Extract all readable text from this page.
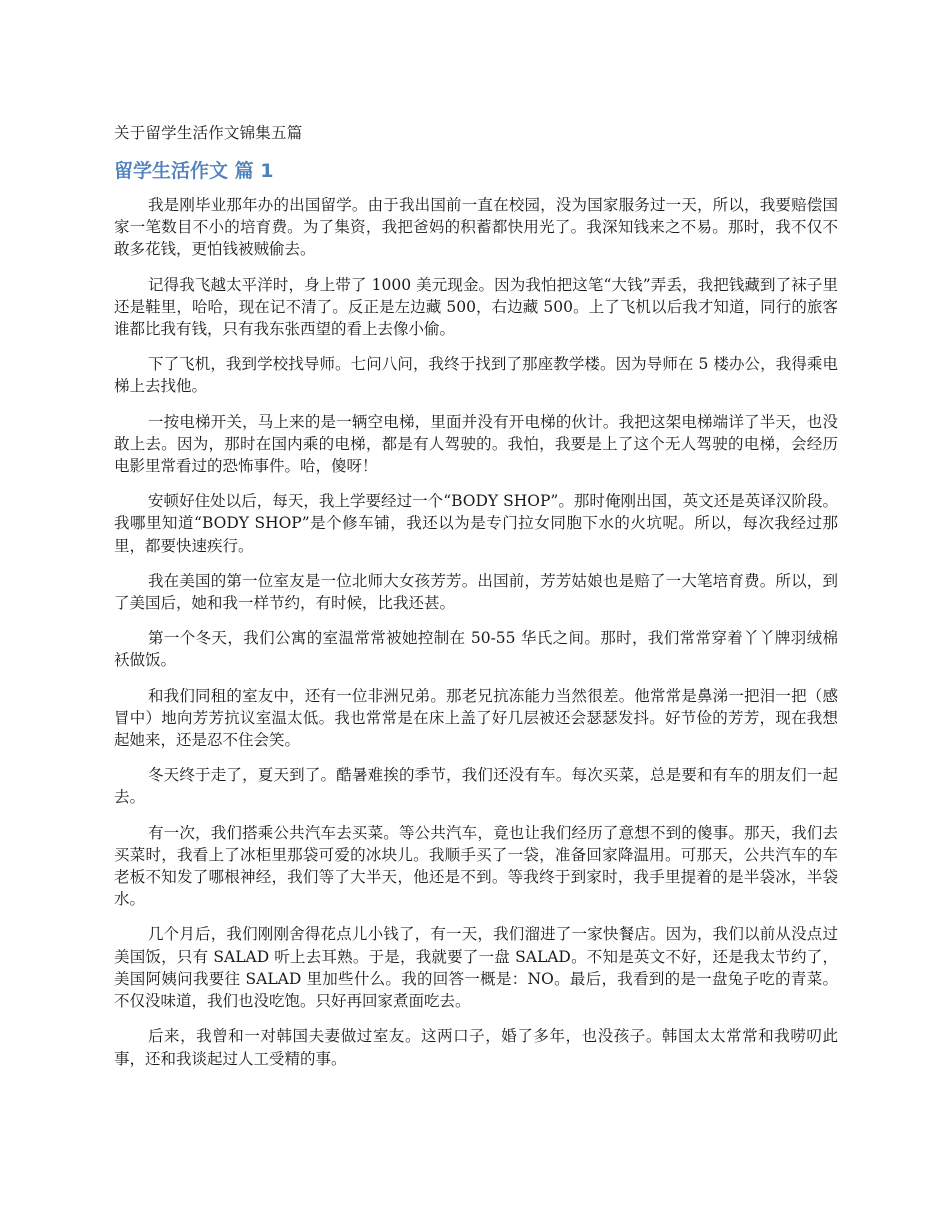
关于留学生活作文锦集五篇
留学生活作文 篇 1

我是刚毕业那年办的出国留学。由于我出国前一直在校园，没为国家服务过一天，所以，我要赔偿国家一笔数目不小的培育费。为了集资，我把爸妈的积蓄都快用光了。我深知钱来之不易。那时，我不仅不敢多花钱，更怕钱被贼偷去。

记得我飞越太平洋时，身上带了 1000 美元现金。因为我怕把这笔“大钱”弄丢，我把钱藏到了袜子里还是鞋里，哈哈，现在记不清了。反正是左边藏 500，右边藏 500。上了飞机以后我才知道，同行的旅客谁都比我有钱，只有我东张西望的看上去像小偷。

下了飞机，我到学校找导师。七问八问，我终于找到了那座教学楼。因为导师在 5 楼办公，我得乘电梯上去找他。

一按电梯开关，马上来的是一辆空电梯，里面并没有开电梯的伙计。我把这架电梯端详了半天，也没敢上去。因为，那时在国内乘的电梯，都是有人驾驶的。我怕，我要是上了这个无人驾驶的电梯，会经历电影里常看过的恐怖事件。哈，傻呀！

安顿好住处以后，每天，我上学要经过一个“BODY SHOP”。那时俺刚出国，英文还是英译汉阶段。我哪里知道“BODY SHOP”是个修车铺，我还以为是专门拉女同胞下水的火坑呢。所以，每次我经过那里，都要快速疾行。

我在美国的第一位室友是一位北师大女孩芳芳。出国前，芳芳姑娘也是赔了一大笔培育费。所以，到了美国后，她和我一样节约，有时候，比我还甚。

第一个冬天，我们公寓的室温常常被她控制在 50-55 华氏之间。那时，我们常常穿着丫丫牌羽绒棉袄做饭。

和我们同租的室友中，还有一位非洲兄弟。那老兄抗冻能力当然很差。他常常是鼻涕一把泪一把（感冒中）地向芳芳抗议室温太低。我也常常是在床上盖了好几层被还会瑟瑟发抖。好节俭的芳芳，现在我想起她来，还是忍不住会笑。

冬天终于走了，夏天到了。酷暑难挨的季节，我们还没有车。每次买菜，总是要和有车的朋友们一起去。

有一次，我们搭乘公共汽车去买菜。等公共汽车，竟也让我们经历了意想不到的傻事。那天，我们去买菜时，我看上了冰柜里那袋可爱的冰块儿。我顺手买了一袋，准备回家降温用。可那天，公共汽车的车老板不知发了哪根神经，我们等了大半天，他还是不到。等我终于到家时，我手里提着的是半袋冰，半袋水。

几个月后，我们刚刚舍得花点儿小钱了，有一天，我们溜进了一家快餐店。因为，我们以前从没点过美国饭，只有 SALAD 听上去耳熟。于是，我就要了一盘 SALAD。不知是英文不好，还是我太节约了，美国阿姨问我要往 SALAD 里加些什么。我的回答一概是：NO。最后，我看到的是一盘兔子吃的青菜。不仅没味道，我们也没吃饱。只好再回家煮面吃去。

后来，我曾和一对韩国夫妻做过室友。这两口子，婚了多年，也没孩子。韩国太太常常和我唠叨此事，还和我谈起过人工受精的事。
